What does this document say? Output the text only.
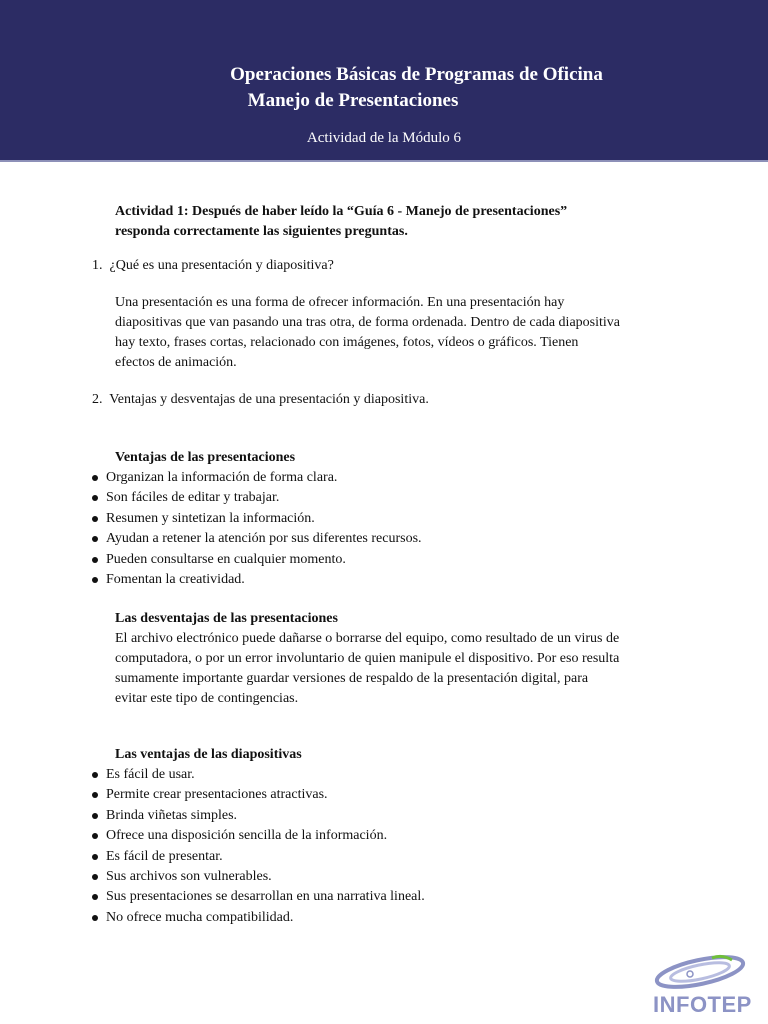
Operaciones Básicas de Programas de Oficina
Manejo de Presentaciones
Actividad de la Módulo 6

Actividad 1: Después de haber leído la “Guía 6 - Manejo de presentaciones”

responda correctamente las siguientes preguntas.

1. ¿Qué es una presentación y diapositiva?

Una presentación es una forma de ofrecer información. En una presentación hay

diapositivas que van pasando una tras otra, de forma ordenada. Dentro de cada diapositiva

hay texto, frases cortas, relacionado con imágenes, fotos, vídeos o gráficos. Tienen

efectos de animación.

2. Ventajas y desventajas de una presentación y diapositiva.
Ventajas de las presentaciones
Organizan la información de forma clara.
Son fáciles de editar y trabajar.
Resumen y sintetizan la información.
Ayudan a retener la atención por sus diferentes recursos.
Pueden consultarse en cualquier momento.
Fomentan la creatividad.
Las desventajas de las presentaciones

El archivo electrónico puede dañarse o borrarse del equipo, como resultado de un virus de

computadora, o por un error involuntario de quien manipule el dispositivo. Por eso resulta

sumamente importante guardar versiones de respaldo de la presentación digital, para

evitar este tipo de contingencias.

Las ventajas de las diapositivas
Es fácil de usar.
Permite crear presentaciones atractivas.
Brinda viñetas simples.
Ofrece una disposición sencilla de la información.
Es fácil de presentar.
Sus archivos son vulnerables.
Sus presentaciones se desarrollan en una narrativa lineal.
No ofrece mucha compatibilidad.
INFOTEP
